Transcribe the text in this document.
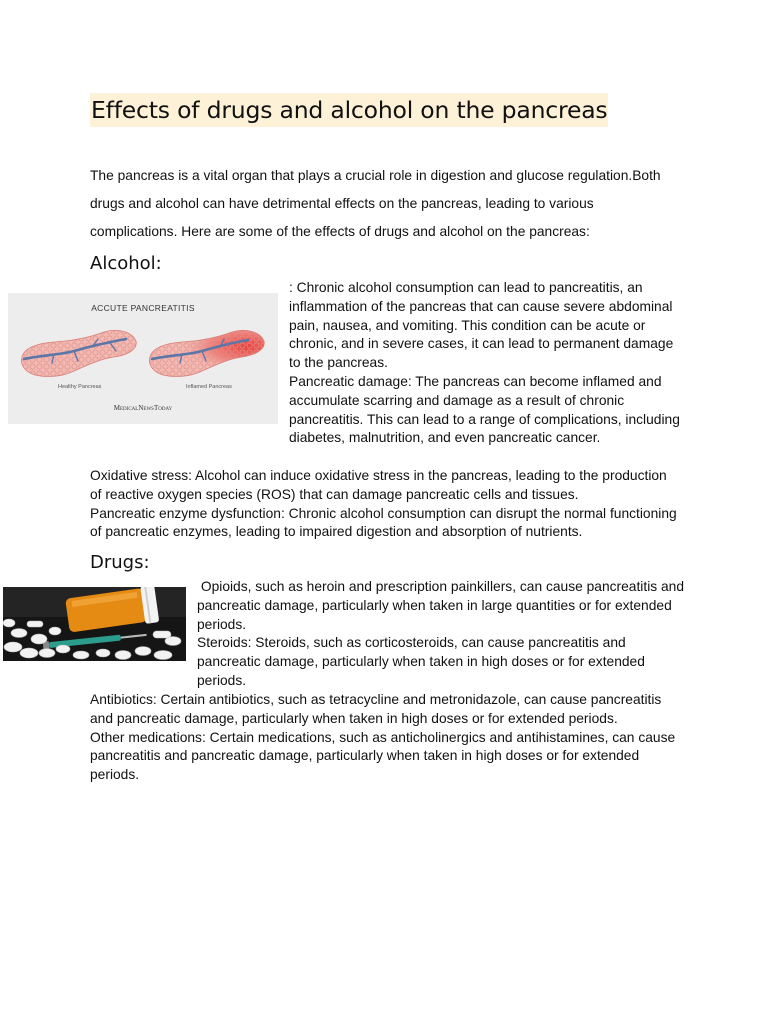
Effects of drugs and alcohol on the pancreas

The pancreas is a vital organ that plays a crucial role in digestion and glucose regulation.Both drugs and alcohol can have detrimental effects on the pancreas, leading to various complications. Here are some of the effects of drugs and alcohol on the pancreas:

Alcohol:
ACCUTE PANCREATITIS
Healthy Pancreas	Inflamed Pancreas
MedicalNewsToday

: Chronic alcohol consumption can lead to pancreatitis, an inflammation of the pancreas that can cause severe abdominal pain, nausea, and vomiting. This condition can be acute or chronic, and in severe cases, it can lead to permanent damage to the pancreas.

Pancreatic damage: The pancreas can become inflamed and accumulate scarring and damage as a result of chronic pancreatitis. This can lead to a range of complications, including diabetes, malnutrition, and even pancreatic cancer.

Oxidative stress: Alcohol can induce oxidative stress in the pancreas, leading to the production of reactive oxygen species (ROS) that can damage pancreatic cells and tissues.

Pancreatic enzyme dysfunction: Chronic alcohol consumption can disrupt the normal functioning of pancreatic enzymes, leading to impaired digestion and absorption of nutrients.

Drugs:

Opioids, such as heroin and prescription painkillers, can cause pancreatitis and pancreatic damage, particularly when taken in large quantities or for extended periods.

Steroids: Steroids, such as corticosteroids, can cause pancreatitis and pancreatic damage, particularly when taken in high doses or for extended periods.

Antibiotics: Certain antibiotics, such as tetracycline and metronidazole, can cause pancreatitis and pancreatic damage, particularly when taken in high doses or for extended periods.

Other medications: Certain medications, such as anticholinergics and antihistamines, can cause pancreatitis and pancreatic damage, particularly when taken in high doses or for extended periods.
